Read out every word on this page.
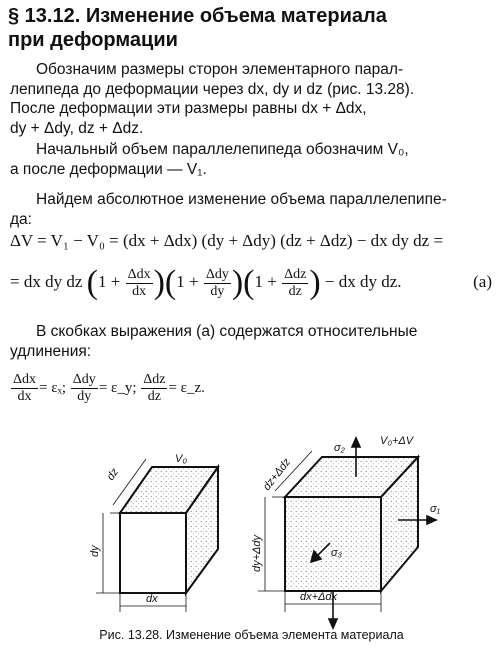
§ 13.12. Изменение объема материала
при деформации
Обозначим размеры сторон элементарного парал-
лепипеда до деформации через dx, dy и dz (рис. 13.28).
После деформации эти размеры равны dx + Δdx,
dy + Δdy, dz + Δdz.
Начальный объем параллелепипеда обозначим V₀,
а после деформации — V₁.
Найдем абсолютное изменение объема параллелепипе-
да:
ΔV = V₁ − V₀ = (dx + Δdx) (dy + Δdy) (dz + Δdz) − dx dy dz =
= dx dy dz $(1 + \frac{\text{Δdx}}{dx} )(1 + \frac{\text{Δdy}}{dy} )(1 + \frac{\text{Δdz}}{dz}$ ) − dx dy dz.	(a)
В скобках выражения (а) содержатся относительные
удлинения:
$\frac{\text{Δdx}}{dx} = \varepsilon_x$; $\frac{\text{Δdy}}{dy}$ = ε_y; $\frac{\text{Δdz}}{dz}$ = ε_z.
V₀
dz
dy
dx
σ₂
V₀+ΔV
σ₁
σ₃
dz+Δdz
dy+Δdy
dx+Δdx
Рис. 13.28. Изменение объема элемента материала
